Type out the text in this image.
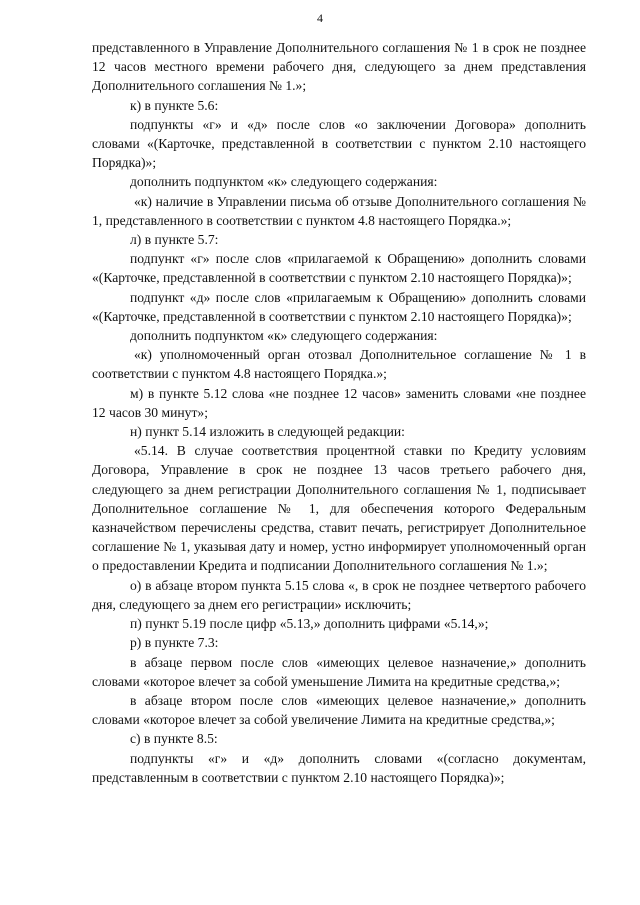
4

представленного в Управление Дополнительного соглашения № 1 в срок не позднее 12 часов местного времени рабочего дня, следующего за днем представления Дополнительного соглашения № 1.»;

к) в пункте 5.6:

подпункты «г» и «д» после слов «о заключении Договора» дополнить словами «(Карточке, представленной в соответствии с пунктом 2.10 настоящего Порядка)»;

дополнить подпунктом «к» следующего содержания:

«к) наличие в Управлении письма об отзыве Дополнительного соглашения № 1, представленного в соответствии с пунктом 4.8 настоящего Порядка.»;

л) в пункте 5.7:

подпункт «г» после слов «прилагаемой к Обращению» дополнить словами «(Карточке, представленной в соответствии с пунктом 2.10 настоящего Порядка)»;

подпункт «д» после слов «прилагаемым к Обращению» дополнить словами «(Карточке, представленной в соответствии с пунктом 2.10 настоящего Порядка)»;

дополнить подпунктом «к» следующего содержания:

«к) уполномоченный орган отозвал Дополнительное соглашение № 1 в соответствии с пунктом 4.8 настоящего Порядка.»;

м) в пункте 5.12 слова «не позднее 12 часов» заменить словами «не позднее 12 часов 30 минут»;

н) пункт 5.14 изложить в следующей редакции:

«5.14. В случае соответствия процентной ставки по Кредиту условиям Договора, Управление в срок не позднее 13 часов третьего рабочего дня, следующего за днем регистрации Дополнительного соглашения № 1, подписывает Дополнительное соглашение № 1, для обеспечения которого Федеральным казначейством перечислены средства, ставит печать, регистрирует Дополнительное соглашение № 1, указывая дату и номер, устно информирует уполномоченный орган о предоставлении Кредита и подписании Дополнительного соглашения № 1.»;

о) в абзаце втором пункта 5.15 слова «, в срок не позднее четвертого рабочего дня, следующего за днем его регистрации» исключить;

п) пункт 5.19 после цифр «5.13,» дополнить цифрами «5.14,»;

р) в пункте 7.3:

в абзаце первом после слов «имеющих целевое назначение,» дополнить словами «которое влечет за собой уменьшение Лимита на кредитные средства,»;

в абзаце втором после слов «имеющих целевое назначение,» дополнить словами «которое влечет за собой увеличение Лимита на кредитные средства,»;

с) в пункте 8.5:

подпункты «г» и «д» дополнить словами «(согласно документам, представленным в соответствии с пунктом 2.10 настоящего Порядка)»;
